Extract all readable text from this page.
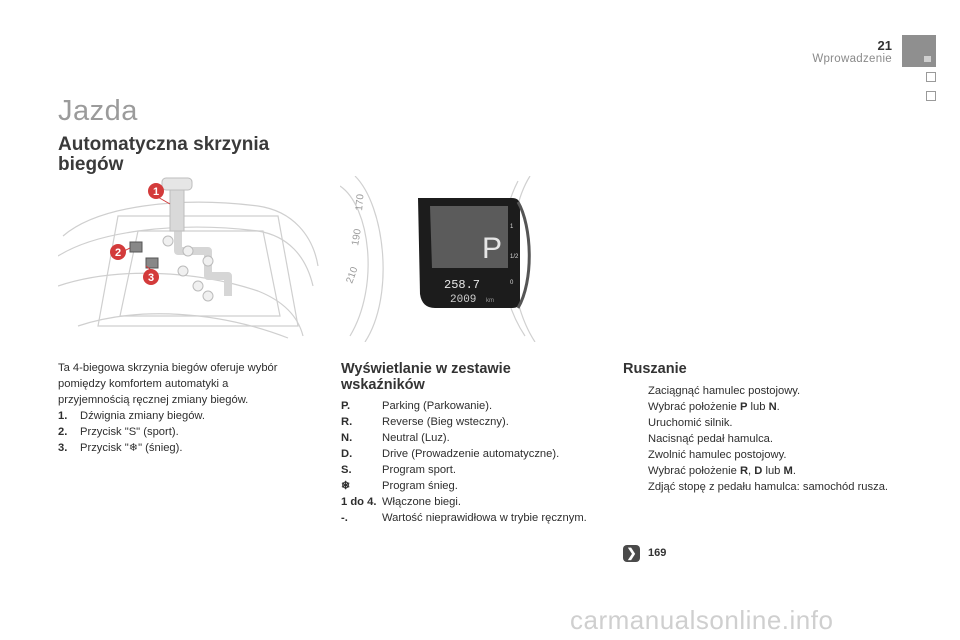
21
Wprowadzenie
Jazda
Automatyczna skrzynia biegów
1
2
3	210
190
170
P
258.7
2009 km
1
1/2
0
Ta 4-biegowa skrzynia biegów oferuje wybór pomiędzy komfortem automatyki a przyjemnością ręcznej zmiany biegów.
1.	Dźwignia zmiany biegów.
2.	Przycisk "S" (sport).
3.	Przycisk "❄" (śnieg).
Wyświetlanie w zestawie wskaźników
P.	Parking (Parkowanie).
R.	Reverse (Bieg wsteczny).
N.	Neutral (Luz).
D.	Drive (Prowadzenie automatyczne).
S.	Program sport.
❄	Program śnieg.
1 do 4. Włączone biegi.
-.	Wartość nieprawidłowa w trybie ręcznym.
Ruszanie
Zaciągnąć hamulec postojowy.
Wybrać położenie P lub N.
Uruchomić silnik.
Nacisnąć pedał hamulca.
Zwolnić hamulec postojowy.
Wybrać położenie R, D lub M.
Zdjąć stopę z pedału hamulca: samochód rusza.
❯	169
carmanualsonline.info
